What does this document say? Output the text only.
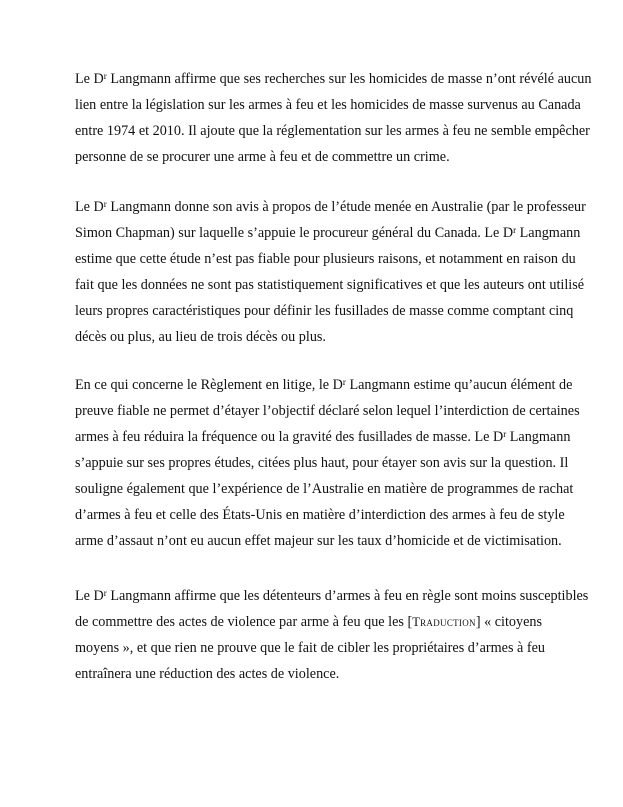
Le $D^r$ Langmann affirme que ses recherches sur les homicides de masse n’ont révélé aucun
lien entre la législation sur les armes à feu et les homicides de masse survenus au Canada
entre 1974 et 2010. Il ajoute que la réglementation sur les armes à feu ne semble empêcher
personne de se procurer une arme à feu et de commettre un crime.
Le $D^r$ Langmann donne son avis à propos de l’étude menée en Australie (par le professeur
Simon Chapman) sur laquelle s’appuie le procureur général du Canada. Le $D^r$ Langmann
estime que cette étude n’est pas fiable pour plusieurs raisons, et notamment en raison du
fait que les données ne sont pas statistiquement significatives et que les auteurs ont utilisé
leurs propres caractéristiques pour définir les fusillades de masse comme comptant cinq
décès ou plus, au lieu de trois décès ou plus.
En ce qui concerne le Règlement en litige, le $D^r$ Langmann estime qu’aucun élément de
preuve fiable ne permet d’étayer l’objectif déclaré selon lequel l’interdiction de certaines
armes à feu réduira la fréquence ou la gravité des fusillades de masse. Le $D^r$ Langmann
s’appuie sur ses propres études, citées plus haut, pour étayer son avis sur la question. Il
souligne également que l’expérience de l’Australie en matière de programmes de rachat
d’armes à feu et celle des États-Unis en matière d’interdiction des armes à feu de style
arme d’assaut n’ont eu aucun effet majeur sur les taux d’homicide et de victimisation.
Le $D^r$ Langmann affirme que les détenteurs d’armes à feu en règle sont moins susceptibles
de commettre des actes de violence par arme à feu que les [Traduction] « citoyens
moyens », et que rien ne prouve que le fait de cibler les propriétaires d’armes à feu
entraînera une réduction des actes de violence.
